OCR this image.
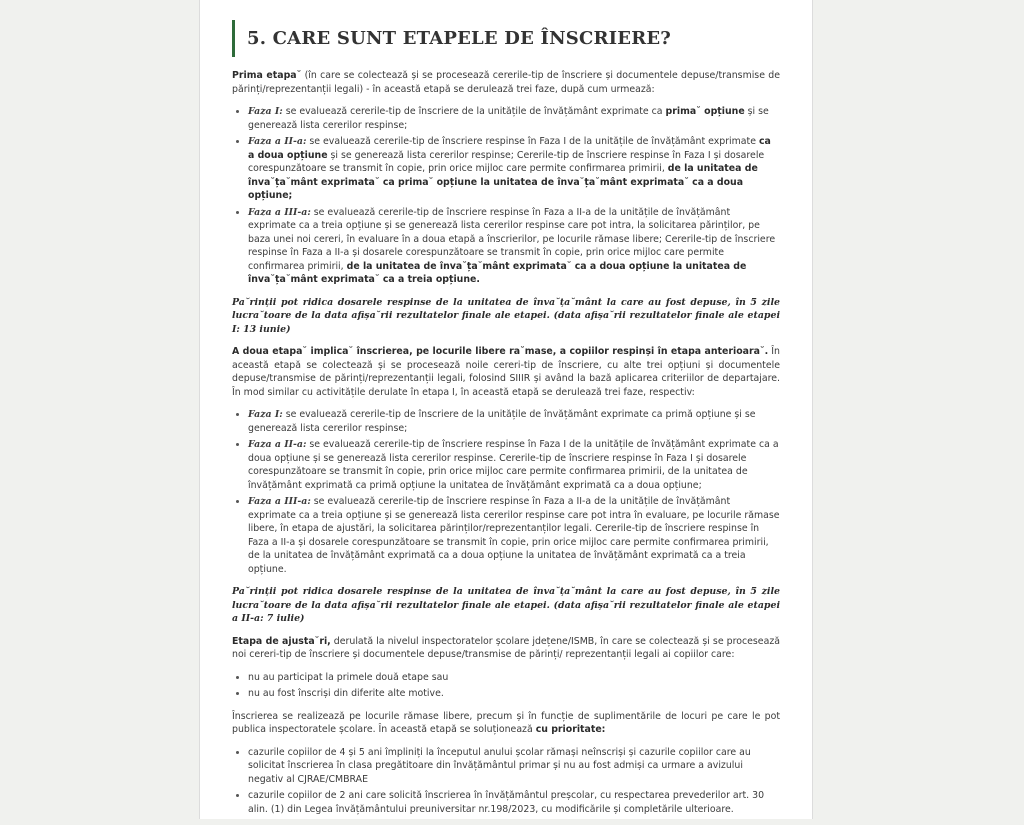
5. CARE SUNT ETAPELE DE ÎNSCRIERE?

Prima etapa˘ (în care se colectează și se procesează cererile-tip de înscriere și documentele depuse/transmise de părinți/reprezentanții legali) - în această etapă se derulează trei faze, după cum urmează:

• Faza I: se evaluează cererile-tip de înscriere de la unitățile de învățământ exprimate ca prima˘ opțiune și se generează lista cererilor respinse;
• Faza a II-a: se evaluează cererile-tip de înscriere respinse în Faza I de la unitățile de învățământ exprimate ca a doua opțiune și se generează lista cererilor respinse; Cererile-tip de înscriere respinse în Faza I și dosarele corespunzătoare se transmit în copie, prin orice mijloc care permite confirmarea primirii, de la unitatea de înva˘ța˘mânt exprimata˘ ca prima˘ opțiune la unitatea de înva˘ța˘mânt exprimata˘ ca a doua opțiune;
• Faza a III-a: se evaluează cererile-tip de înscriere respinse în Faza a II-a de la unitățile de învățământ exprimate ca a treia opțiune și se generează lista cererilor respinse care pot intra, la solicitarea părinților, pe baza unei noi cereri, în evaluare în a doua etapă a înscrierilor, pe locurile rămase libere; Cererile-tip de înscriere respinse în Faza a II-a și dosarele corespunzătoare se transmit în copie, prin orice mijloc care permite confirmarea primirii, de la unitatea de înva˘ța˘mânt exprimata˘ ca a doua opțiune la unitatea de înva˘ța˘mânt exprimata˘ ca a treia opțiune.

Pa˘rinții pot ridica dosarele respinse de la unitatea de înva˘ța˘mânt la care au fost depuse, în 5 zile lucra˘toare de la data afișa˘rii rezultatelor finale ale etapei. (data afișa˘rii rezultatelor finale ale etapei I: 13 iunie)

A doua etapa˘ implica˘ înscrierea, pe locurile libere ra˘mase, a copiilor respinși în etapa anterioara˘. În această etapă se colectează și se procesează noile cereri-tip de înscriere, cu alte trei opțiuni și documentele depuse/transmise de părinți/reprezentanții legali, folosind SIIIR și având la bază aplicarea criteriilor de departajare. În mod similar cu activitățile derulate în etapa I, în această etapă se derulează trei faze, respectiv:

• Faza I: se evaluează cererile-tip de înscriere de la unitățile de învățământ exprimate ca primă opțiune și se generează lista cererilor respinse;
• Faza a II-a: se evaluează cererile-tip de înscriere respinse în Faza I de la unitățile de învățământ exprimate ca a doua opțiune și se generează lista cererilor respinse. Cererile-tip de înscriere respinse în Faza I și dosarele corespunzătoare se transmit în copie, prin orice mijloc care permite confirmarea primirii, de la unitatea de învățământ exprimată ca primă opțiune la unitatea de învățământ exprimată ca a doua opțiune;
• Faza a III-a: se evaluează cererile-tip de înscriere respinse în Faza a II-a de la unitățile de învățământ exprimate ca a treia opțiune și se generează lista cererilor respinse care pot intra în evaluare, pe locurile rămase libere, în etapa de ajustări, la solicitarea părinților/reprezentanților legali. Cererile-tip de înscriere respinse în Faza a II-a și dosarele corespunzătoare se transmit în copie, prin orice mijloc care permite confirmarea primirii, de la unitatea de învățământ exprimată ca a doua opțiune la unitatea de învățământ exprimată ca a treia opțiune.

Pa˘rinții pot ridica dosarele respinse de la unitatea de înva˘ța˘mânt la care au fost depuse, în 5 zile lucra˘toare de la data afișa˘rii rezultatelor finale ale etapei. (data afișa˘rii rezultatelor finale ale etapei a II-a: 7 iulie)

Etapa de ajusta˘ri, derulată la nivelul inspectoratelor școlare jdețene/ISMB, în care se colectează și se procesează noi cereri-tip de înscriere și documentele depuse/transmise de părinți/ reprezentanții legali ai copiilor care:

• nu au participat la primele două etape sau
• nu au fost înscriși din diferite alte motive.

Înscrierea se realizează pe locurile rămase libere, precum și în funcție de suplimentările de locuri pe care le pot publica inspectoratele școlare. În această etapă se soluționează cu prioritate:

• cazurile copiilor de 4 și 5 ani împliniți la începutul anului școlar rămași neînscriși și cazurile copiilor care au solicitat înscrierea în clasa pregătitoare din învățământul primar și nu au fost admiși ca urmare a avizului negativ al CJRAE/CMBRAE
• cazurile copiilor de 2 ani care solicită înscrierea în învățământul preșcolar, cu respectarea prevederilor art. 30 alin. (1) din Legea învățământului preuniversitar nr.198/2023, cu modificările și completările ulterioare.
